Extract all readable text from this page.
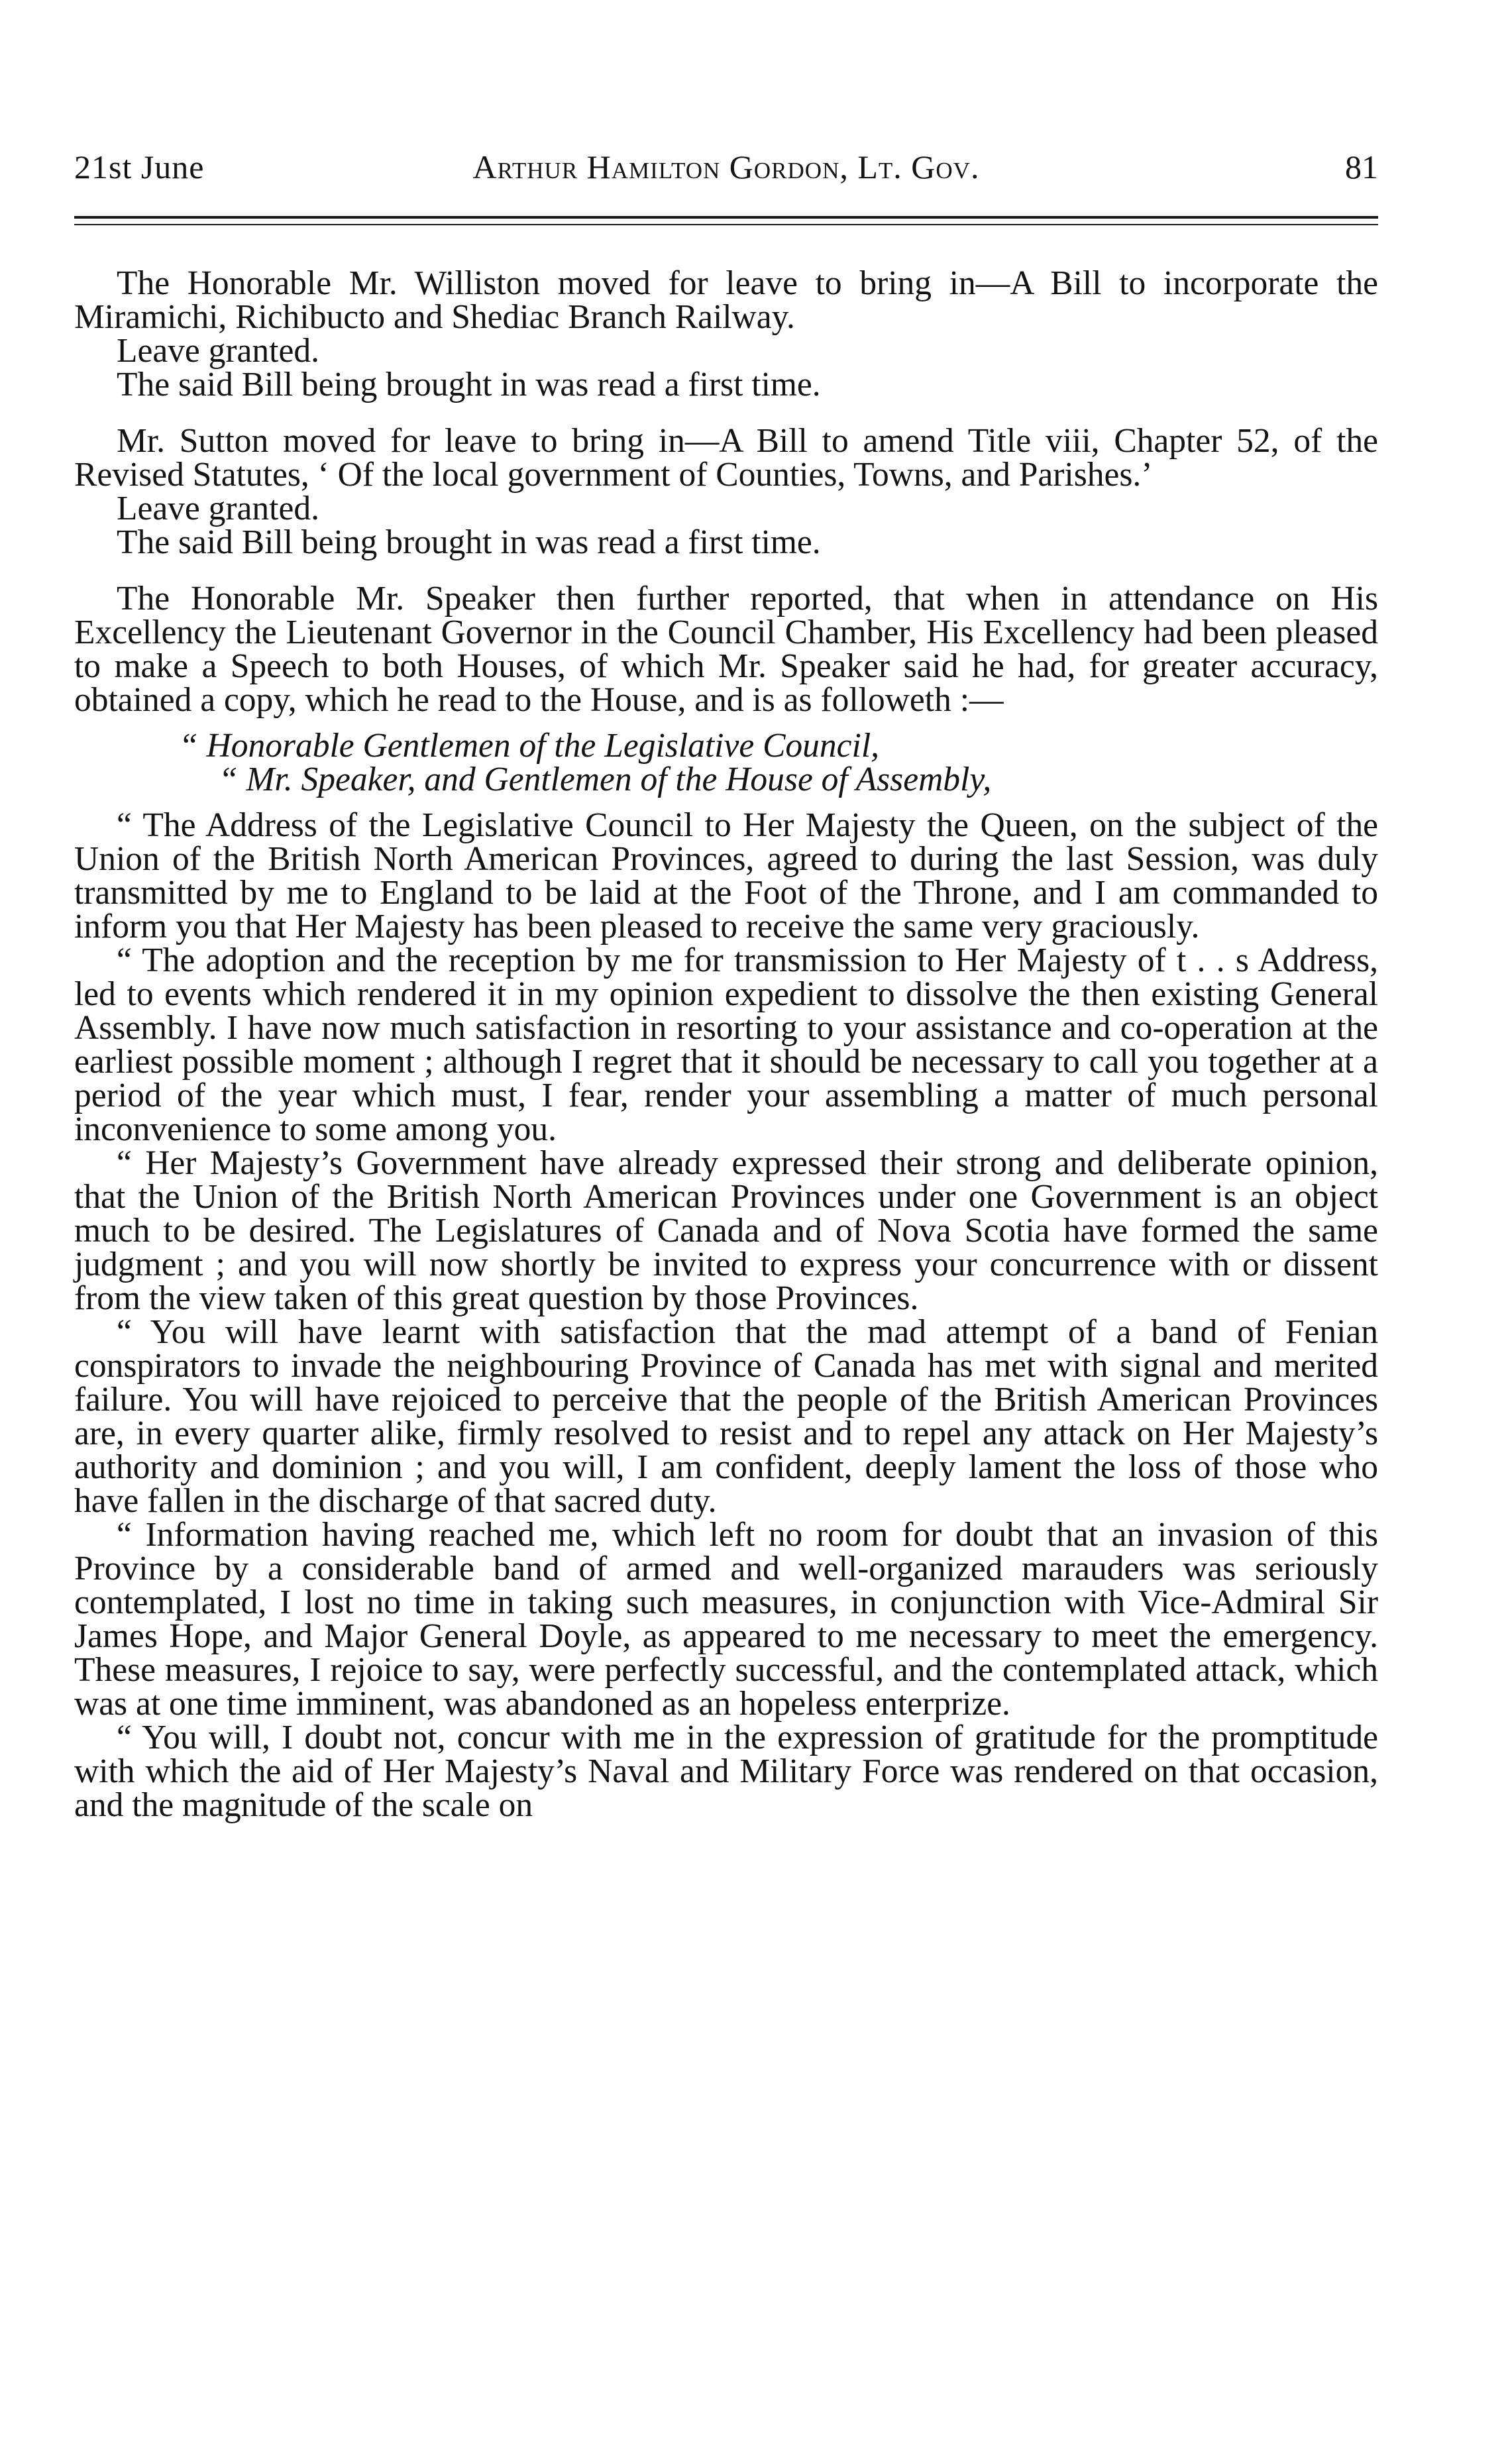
21st June	Arthur Hamilton Gordon, Lt. Gov.	81

The Honorable Mr. Williston moved for leave to bring in—A Bill to incorporate the Miramichi, Richibucto and Shediac Branch Railway.

Leave granted.

The said Bill being brought in was read a first time.

Mr. Sutton moved for leave to bring in—A Bill to amend Title viii, Chapter 52, of the Revised Statutes, ‘ Of the local government of Counties, Towns, and Parishes.’

Leave granted.

The said Bill being brought in was read a first time.

The Honorable Mr. Speaker then further reported, that when in attendance on His Excellency the Lieutenant Governor in the Council Chamber, His Excellency had been pleased to make a Speech to both Houses, of which Mr. Speaker said he had, for greater accuracy, obtained a copy, which he read to the House, and is as followeth :—

“ Honorable Gentlemen of the Legislative Council,

“ Mr. Speaker, and Gentlemen of the House of Assembly,

“ The Address of the Legislative Council to Her Majesty the Queen, on the subject of the Union of the British North American Provinces, agreed to during the last Session, was duly transmitted by me to England to be laid at the Foot of the Throne, and I am commanded to inform you that Her Majesty has been pleased to receive the same very graciously.

“ The adoption and the reception by me for transmission to Her Majesty of t . . s Address, led to events which rendered it in my opinion expedient to dissolve the then existing General Assembly. I have now much satisfaction in resorting to your assistance and co-operation at the earliest possible moment ; although I regret that it should be necessary to call you together at a period of the year which must, I fear, render your assembling a matter of much personal inconvenience to some among you.

“ Her Majesty’s Government have already expressed their strong and deliberate opinion, that the Union of the British North American Provinces under one Government is an object much to be desired. The Legislatures of Canada and of Nova Scotia have formed the same judgment ; and you will now shortly be invited to express your concurrence with or dissent from the view taken of this great question by those Provinces.

“ You will have learnt with satisfaction that the mad attempt of a band of Fenian conspirators to invade the neighbouring Province of Canada has met with signal and merited failure. You will have rejoiced to perceive that the people of the British American Provinces are, in every quarter alike, firmly resolved to resist and to repel any attack on Her Majesty’s authority and dominion ; and you will, I am confident, deeply lament the loss of those who have fallen in the discharge of that sacred duty.

“ Information having reached me, which left no room for doubt that an invasion of this Province by a considerable band of armed and well-organized marauders was seriously contemplated, I lost no time in taking such measures, in conjunction with Vice-Admiral Sir James Hope, and Major General Doyle, as appeared to me necessary to meet the emergency. These measures, I rejoice to say, were perfectly successful, and the contemplated attack, which was at one time imminent, was abandoned as an hopeless enterprize.

“ You will, I doubt not, concur with me in the expression of gratitude for the promptitude with which the aid of Her Majesty’s Naval and Military Force was rendered on that occasion, and the magnitude of the scale on
